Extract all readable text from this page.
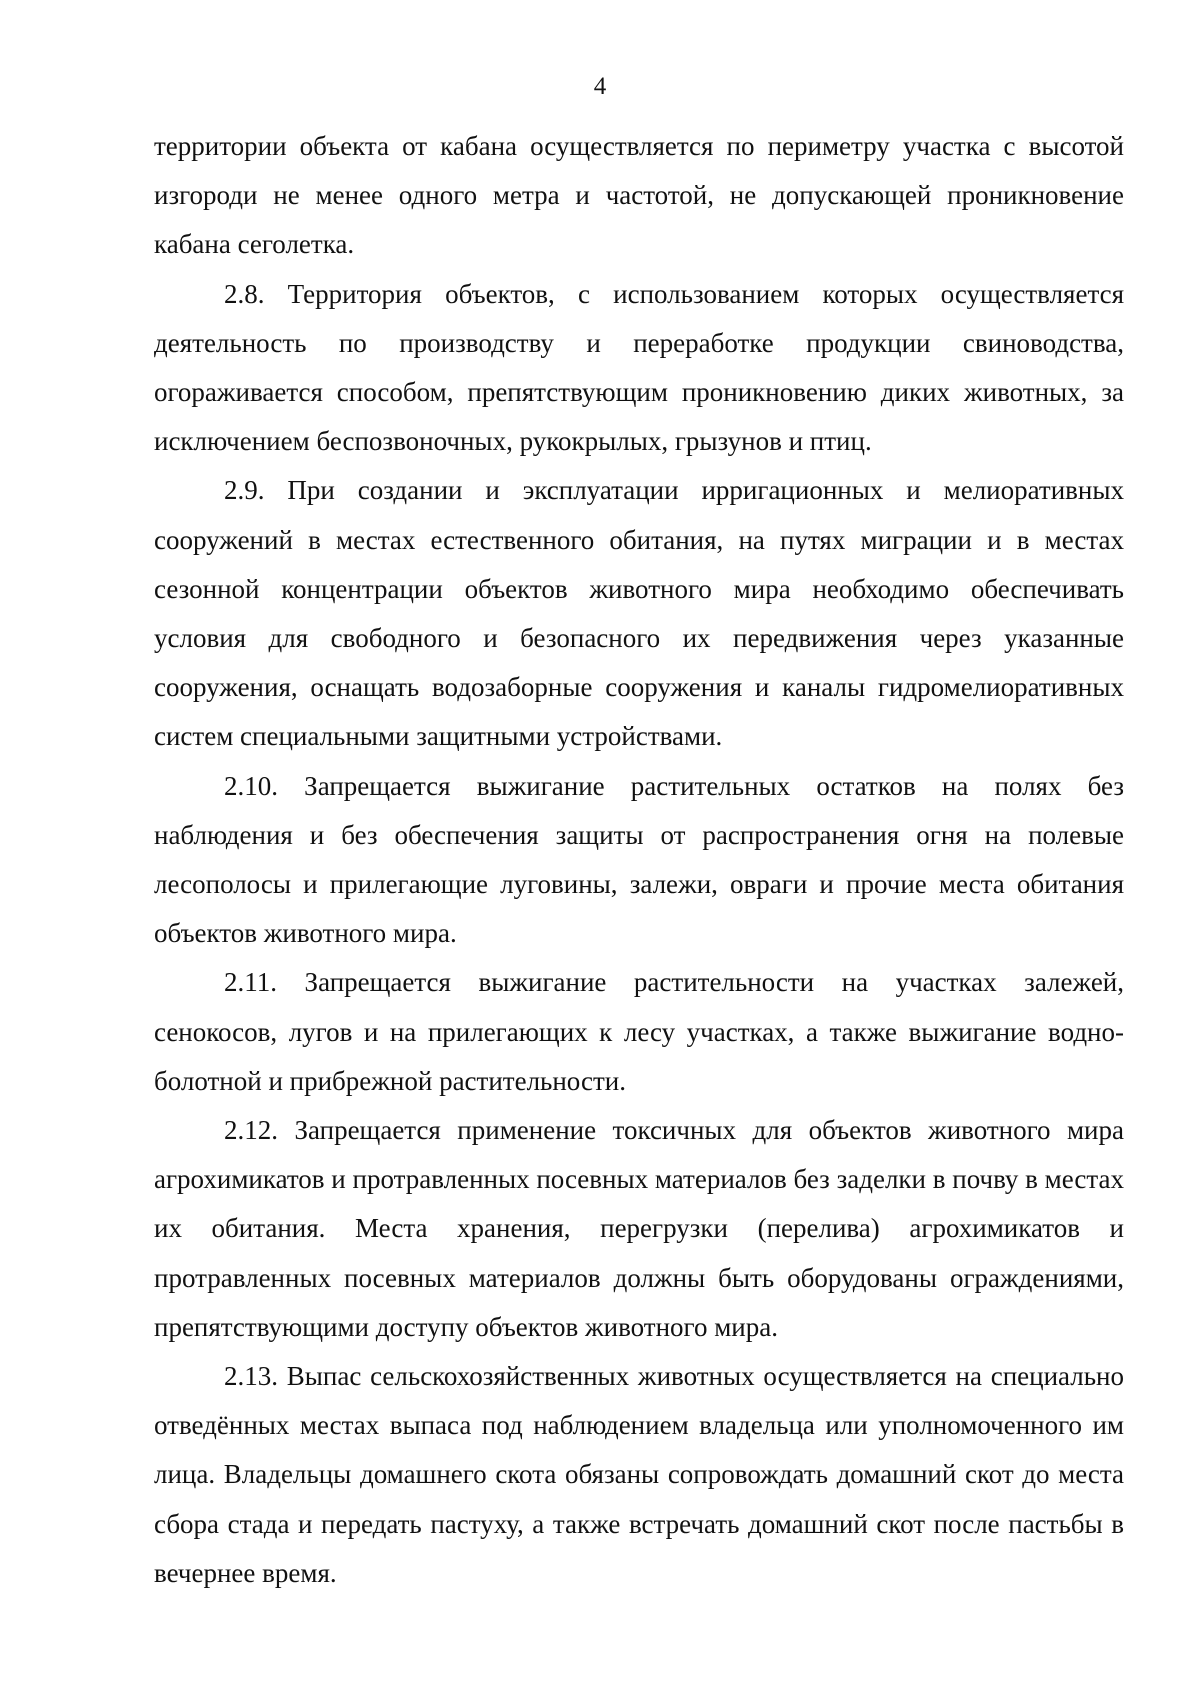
4

территории объекта от кабана осуществляется по периметру участка с высотой изгороди не менее одного метра и частотой, не допускающей проникновение кабана сеголетка.

2.8. Территория объектов, с использованием которых осуществляется деятельность по производству и переработке продукции свиноводства, огораживается способом, препятствующим проникновению диких животных, за исключением беспозвоночных, рукокрылых, грызунов и птиц.

2.9. При создании и эксплуатации ирригационных и мелиоративных сооружений в местах естественного обитания, на путях миграции и в местах сезонной концентрации объектов животного мира необходимо обеспечивать условия для свободного и безопасного их передвижения через указанные сооружения, оснащать водозаборные сооружения и каналы гидромелиоративных систем специальными защитными устройствами.

2.10. Запрещается выжигание растительных остатков на полях без наблюдения и без обеспечения защиты от распространения огня на полевые лесополосы и прилегающие луговины, залежи, овраги и прочие места обитания объектов животного мира.

2.11. Запрещается выжигание растительности на участках залежей, сенокосов, лугов и на прилегающих к лесу участках, а также выжигание водно-болотной и прибрежной растительности.

2.12. Запрещается применение токсичных для объектов животного мира агрохимикатов и протравленных посевных материалов без заделки в почву в местах их обитания. Места хранения, перегрузки (перелива) агрохимикатов и протравленных посевных материалов должны быть оборудованы ограждениями, препятствующими доступу объектов животного мира.

2.13. Выпас сельскохозяйственных животных осуществляется на специально отведённых местах выпаса под наблюдением владельца или уполномоченного им лица. Владельцы домашнего скота обязаны сопровождать домашний скот до места сбора стада и передать пастуху, а также встречать домашний скот после пастьбы в вечернее время.
